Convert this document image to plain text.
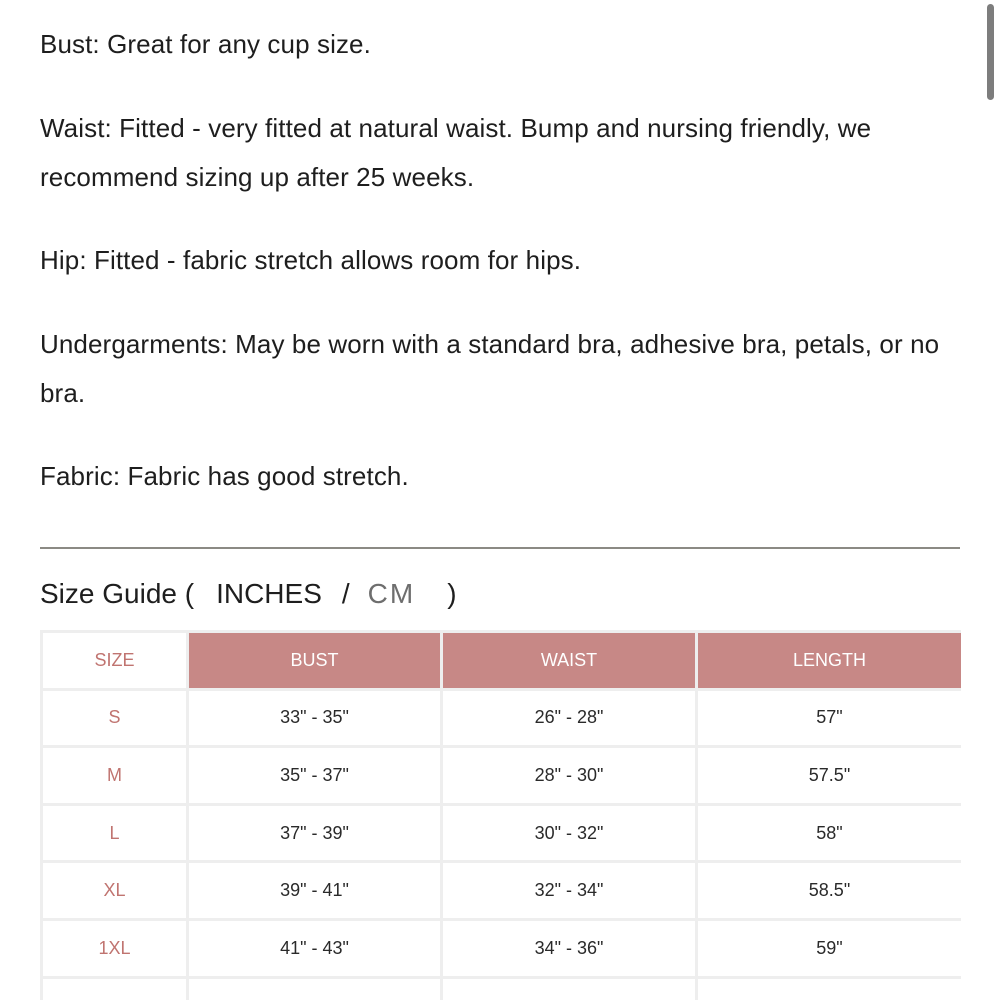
Bust: Great for any cup size.

Waist: Fitted - very fitted at natural waist. Bump and nursing friendly, we recommend sizing up after 25 weeks.

Hip: Fitted - fabric stretch allows room for hips.

Undergarments: May be worn with a standard bra, adhesive bra, petals, or no bra.

Fabric: Fabric has good stretch.

Size Guide ( INCHES / CM )
SIZE	BUST	WAIST	LENGTH
S	33" - 35"	26" - 28"	57"
M	35" - 37"	28" - 30"	57.5"
L	37" - 39"	30" - 32"	58"
XL	39" - 41"	32" - 34"	58.5"
1XL	41" - 43"	34" - 36"	59"
